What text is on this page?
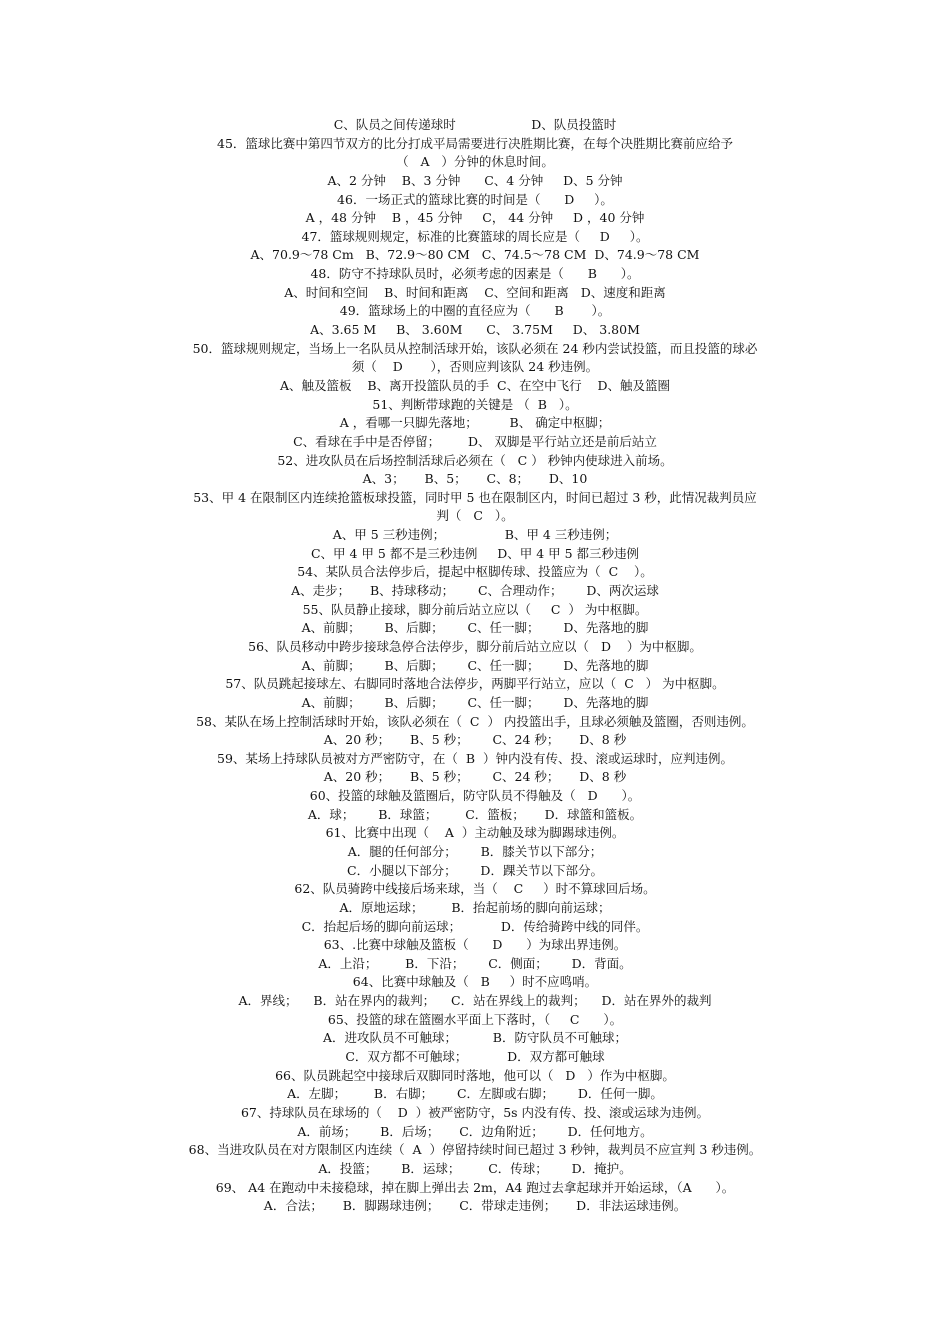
C、队员之间传递球时                   D、队员投篮时
45．篮球比赛中第四节双方的比分打成平局需要进行决胜期比赛，在每个决胜期比赛前应给予
（   A   ）分钟的休息时间。
A、2 分钟    B、3 分钟      C、4 分钟     D、5 分钟
46．一场正式的篮球比赛的时间是（      D     ）。
A ，48 分钟    B ，45 分钟     C， 44 分钟     D ，40 分钟
47．篮球规则规定，标准的比赛篮球的周长应是（     D     ）。
A、70.9～78 Cm   B、72.9～80 CM   C、74.5～78 CM  D、74.9～78 CM
48．防守不持球队员时，必须考虑的因素是（      B      ）。
A、时间和空间    B、时间和距离    C、空间和距离   D、速度和距离
49．篮球场上的中圈的直径应为（      B       ）。
A、3.65 M     B、 3.60M      C、 3.75M     D、 3.80M
50．篮球规则规定，当场上一名队员从控制活球开始，该队必须在 24 秒内尝试投篮，而且投篮的球必
须（    D       ），否则应判该队 24 秒违例。
A、触及篮板    B、离开投篮队员的手  C、在空中飞行    D、触及篮圈
51、判断带球跑的关键是 （  B   ）。
A ，看哪一只脚先落地；        B、 确定中枢脚；
C、看球在手中是否停留；       D、 双脚是平行站立还是前后站立
52、进攻队员在后场控制活球后必须在（   C ） 秒钟内使球进入前场。
A、3；     B、5；     C、8；     D、10
53、甲 4 在限制区内连续抢篮板球投篮，同时甲 5 也在限制区内，时间已超过 3 秒，此情况裁判员应
判（   C   ）。
A、甲 5 三秒违例；               B、甲 4 三秒违例；
C、甲 4 甲 5 都不是三秒违例     D、甲 4 甲 5 都三秒违例
54、某队员合法停步后，提起中枢脚传球、投篮应为（  C    ）。
A、走步；     B、持球移动；      C、合理动作；      D、两次运球
55、队员静止接球，脚分前后站立应以（     C  ） 为中枢脚。
A、前脚；      B、后脚；      C、任一脚；      D、先落地的脚
56、队员移动中跨步接球急停合法停步，脚分前后站立应以（   D    ）为中枢脚。
A、前脚；      B、后脚；      C、任一脚；      D、先落地的脚
57、队员跳起接球左、右脚同时落地合法停步，两脚平行站立，应以（  C   ） 为中枢脚。
A、前脚；      B、后脚；      C、任一脚；      D、先落地的脚
58、某队在场上控制活球时开始，该队必须在（  C  ） 内投篮出手，且球必须触及篮圈，否则违例。
A、20 秒；     B、5 秒；      C、24 秒；     D、8 秒
59、某场上持球队员被对方严密防守，在（  B  ）钟内没有传、投、滚或运球时，应判违例。
A、20 秒；     B、5 秒；      C、24 秒；     D、8 秒
60、投篮的球触及篮圈后，防守队员不得触及（   D      ）。
A．球；      B．球篮；       C．篮板；     D．球篮和篮板。
61、比赛中出现（    A  ）主动触及球为脚踢球违例。
A．腿的任何部分；      B．膝关节以下部分；
C．小腿以下部分；      D．踝关节以下部分。
62、队员骑跨中线接后场来球，当（    C     ）时不算球回后场。
A．原地运球；       B．抬起前场的脚向前运球；
C．抬起后场的脚向前运球；          D．传给骑跨中线的同伴。
63、.比赛中球触及篮板（      D      ）为球出界违例。
A．上沿；       B．下沿；      C．侧面；      D．背面。
64、比赛中球触及（   B     ）时不应鸣哨。
A．界线；    B．站在界内的裁判；    C．站在界线上的裁判；    D．站在界外的裁判
65、投篮的球在篮圈水平面上下落时，（     C      ）。
A．进攻队员不可触球；         B．防守队员不可触球；
C．双方都不可触球；          D．双方都可触球
66、队员跳起空中接球后双脚同时落地，他可以（   D   ）作为中枢脚。
A．左脚；       B．右脚；      C．左脚或右脚；      D．任何一脚。
67、持球队员在球场的（    D  ）被严密防守，5s 内没有传、投、滚或运球为违例。
A．前场；      B．后场；     C．边角附近；      D．任何地方。
68、当进攻队员在对方限制区内连续（  A  ）停留持续时间已超过 3 秒钟，裁判员不应宣判 3 秒违例。
A．投篮；      B．运球；       C．传球；      D．掩护。
69、 A4 在跑动中未接稳球，掉在脚上弹出去 2m，A4 跑过去拿起球并开始运球，（A      ）。
A．合法；     B．脚踢球违例；     C．带球走违例；     D．非法运球违例。
